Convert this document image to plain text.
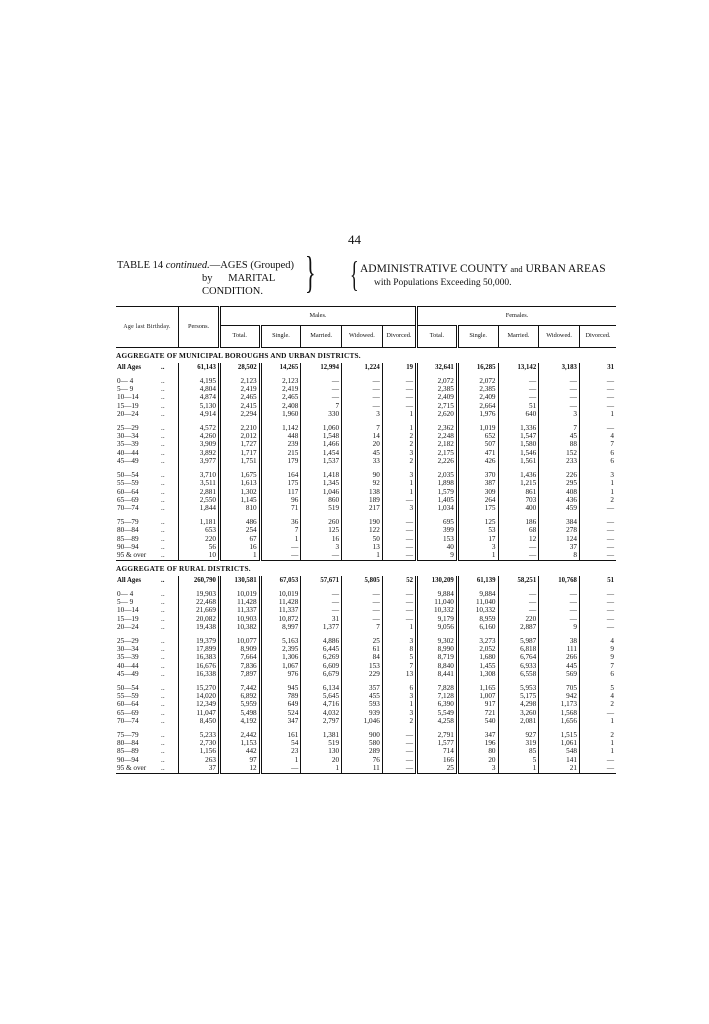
44
TABLE 14 continued.—AGES (Grouped)
by      MARITAL
CONDITION. } { ADMINISTRATIVE COUNTY and URBAN AREAS
with Populations Exceeding 50,000.
Age last Birthday.		Persons.	Males.					Females.				
			Total.	Single.	Married.	Widowed.	Divorced.	Total.	Single.	Married.	Widowed.	Divorced.
AGGREGATE OF MUNICIPAL BOROUGHS AND URBAN DISTRICTS.												
All Ages	..	61,143	28,502	14,265	12,994	1,224	19	32,641	16,285	13,142	3,183	31
0— 4	..	4,195	2,123	2,123	—	—	—	2,072	2,072	—	—	—
5— 9	..	4,804	2,419	2,419	—	—	—	2,385	2,385	—	—	—
10—14	..	4,874	2,465	2,465	—	—	—	2,409	2,409	—	—	—
15—19	..	5,130	2,415	2,408	7	—	—	2,715	2,664	51	—	—
20—24	..	4,914	2,294	1,960	330	3	1	2,620	1,976	640	3	1

25—29	..	4,572	2,210	1,142	1,060	7	1	2,362	1,019	1,336	7	—
30—34	..	4,260	2,012	448	1,548	14	2	2,248	652	1,547	45	4
35—39	..	3,909	1,727	239	1,466	20	2	2,182	507	1,580	88	7
40—44	..	3,892	1,717	215	1,454	45	3	2,175	471	1,546	152	6
45—49	..	3,977	1,751	179	1,537	33	2	2,226	426	1,561	233	6

50—54	..	3,710	1,675	164	1,418	90	3	2,035	370	1,436	226	3
55—59	..	3,511	1,613	175	1,345	92	1	1,898	387	1,215	295	1
60—64	..	2,881	1,302	117	1,046	138	1	1,579	309	861	408	1
65—69	..	2,550	1,145	96	860	189	—	1,405	264	703	436	2
70—74	..	1,844	810	71	519	217	3	1,034	175	400	459	—

75—79	..	1,181	486	36	260	190	—	695	125	186	384	—
80—84	..	653	254	7	125	122	—	399	53	68	278	—
85—89	..	220	67	1	16	50	—	153	17	12	124	—
90—94	..	56	16	—	3	13	—	40	3	—	37	—
95 & over	..	10	1	—	—	1	—	9	1	—	8	—
AGGREGATE OF RURAL DISTRICTS.												
All Ages	..	260,790	130,581	67,053	57,671	5,805	52	130,209	61,139	58,251	10,768	51
0— 4	..	19,903	10,019	10,019	—	—	—	9,884	9,884	—	—	—
5— 9	..	22,468	11,428	11,428	—	—	—	11,040	11,040	—	—	—
10—14	..	21,669	11,337	11,337	—	—	—	10,332	10,332	—	—	—
15—19	..	20,082	10,903	10,872	31	—	—	9,179	8,959	220	—	—
20—24	..	19,438	10,382	8,997	1,377	7	1	9,056	6,160	2,887	9	—

25—29	..	19,379	10,077	5,163	4,886	25	3	9,302	3,273	5,987	38	4
30—34	..	17,899	8,909	2,395	6,445	61	8	8,990	2,052	6,818	111	9
35—39	..	16,383	7,664	1,306	6,269	84	5	8,719	1,680	6,764	266	9
40—44	..	16,676	7,836	1,067	6,609	153	7	8,840	1,455	6,933	445	7
45—49	..	16,338	7,897	976	6,679	229	13	8,441	1,308	6,558	569	6

50—54	..	15,270	7,442	945	6,134	357	6	7,828	1,165	5,953	705	5
55—59	..	14,020	6,892	789	5,645	455	3	7,128	1,007	5,175	942	4
60—64	..	12,349	5,959	649	4,716	593	1	6,390	917	4,298	1,173	2
65—69	..	11,047	5,498	524	4,032	939	3	5,549	721	3,260	1,568	—
70—74	..	8,450	4,192	347	2,797	1,046	2	4,258	540	2,081	1,656	1

75—79	..	5,233	2,442	161	1,381	900	—	2,791	347	927	1,515	2
80—84	..	2,730	1,153	54	519	580	—	1,577	196	319	1,061	1
85—89	..	1,156	442	23	130	289	—	714	80	85	548	1
90—94	..	263	97	1	20	76	—	166	20	5	141	—
95 & over	..	37	12	—	1	11	—	25	3	1	21	—
